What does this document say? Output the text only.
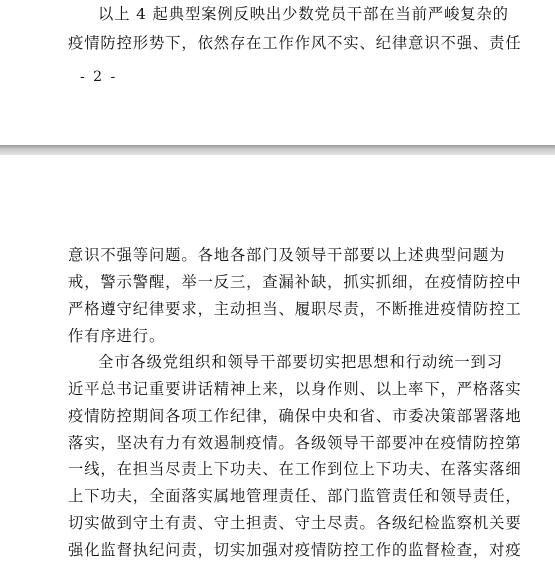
以上 4 起典型案例反映出少数党员干部在当前严峻复杂的
疫情防控形势下，依然存在工作作风不实、纪律意识不强、责任
- 2 -
意识不强等问题。各地各部门及领导干部要以上述典型问题为
戒，警示警醒，举一反三，查漏补缺，抓实抓细，在疫情防控中
严格遵守纪律要求，主动担当、履职尽责，不断推进疫情防控工
作有序进行。
全市各级党组织和领导干部要切实把思想和行动统一到习
近平总书记重要讲话精神上来，以身作则、以上率下，严格落实
疫情防控期间各项工作纪律，确保中央和省、市委决策部署落地
落实，坚决有力有效遏制疫情。各级领导干部要冲在疫情防控第
一线，在担当尽责上下功夫、在工作到位上下功夫、在落实落细
上下功夫，全面落实属地管理责任、部门监管责任和领导责任，
切实做到守土有责、守土担责、守土尽责。各级纪检监察机关要
强化监督执纪问责，切实加强对疫情防控工作的监督检查，对疫
